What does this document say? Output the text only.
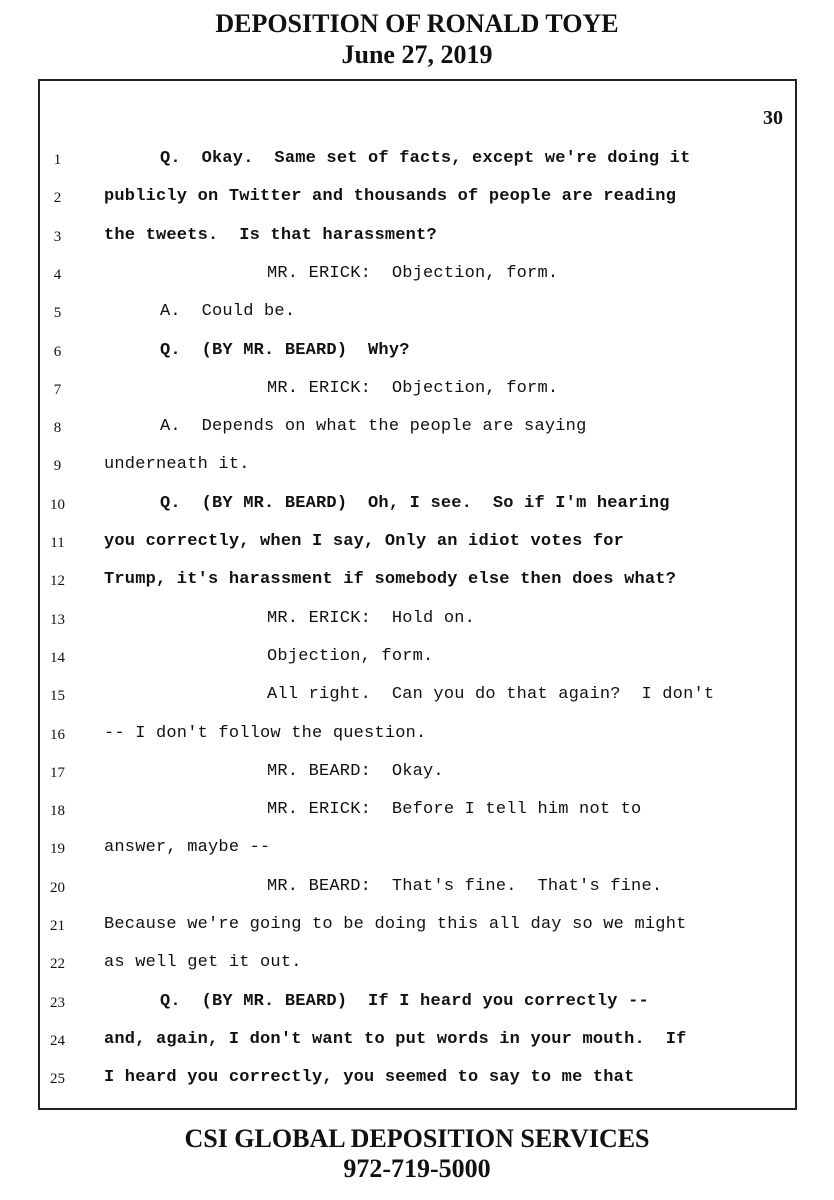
DEPOSITION OF RONALD TOYE
June 27, 2019
30
1	Q.  Okay.  Same set of facts, except we're doing it
2	publicly on Twitter and thousands of people are reading
3	the tweets.  Is that harassment?
4	MR. ERICK:  Objection, form.
5	A.  Could be.
6	Q.  (BY MR. BEARD)  Why?
7	MR. ERICK:  Objection, form.
8	A.  Depends on what the people are saying
9	underneath it.
10	Q.  (BY MR. BEARD)  Oh, I see.  So if I'm hearing
11	you correctly, when I say, Only an idiot votes for
12	Trump, it's harassment if somebody else then does what?
13	MR. ERICK:  Hold on.
14	Objection, form.
15	All right.  Can you do that again?  I don't
16	-- I don't follow the question.
17	MR. BEARD:  Okay.
18	MR. ERICK:  Before I tell him not to
19	answer, maybe --
20	MR. BEARD:  That's fine.  That's fine.
21	Because we're going to be doing this all day so we might
22	as well get it out.
23	Q.  (BY MR. BEARD)  If I heard you correctly --
24	and, again, I don't want to put words in your mouth.  If
25	I heard you correctly, you seemed to say to me that
CSI GLOBAL DEPOSITION SERVICES
972-719-5000
